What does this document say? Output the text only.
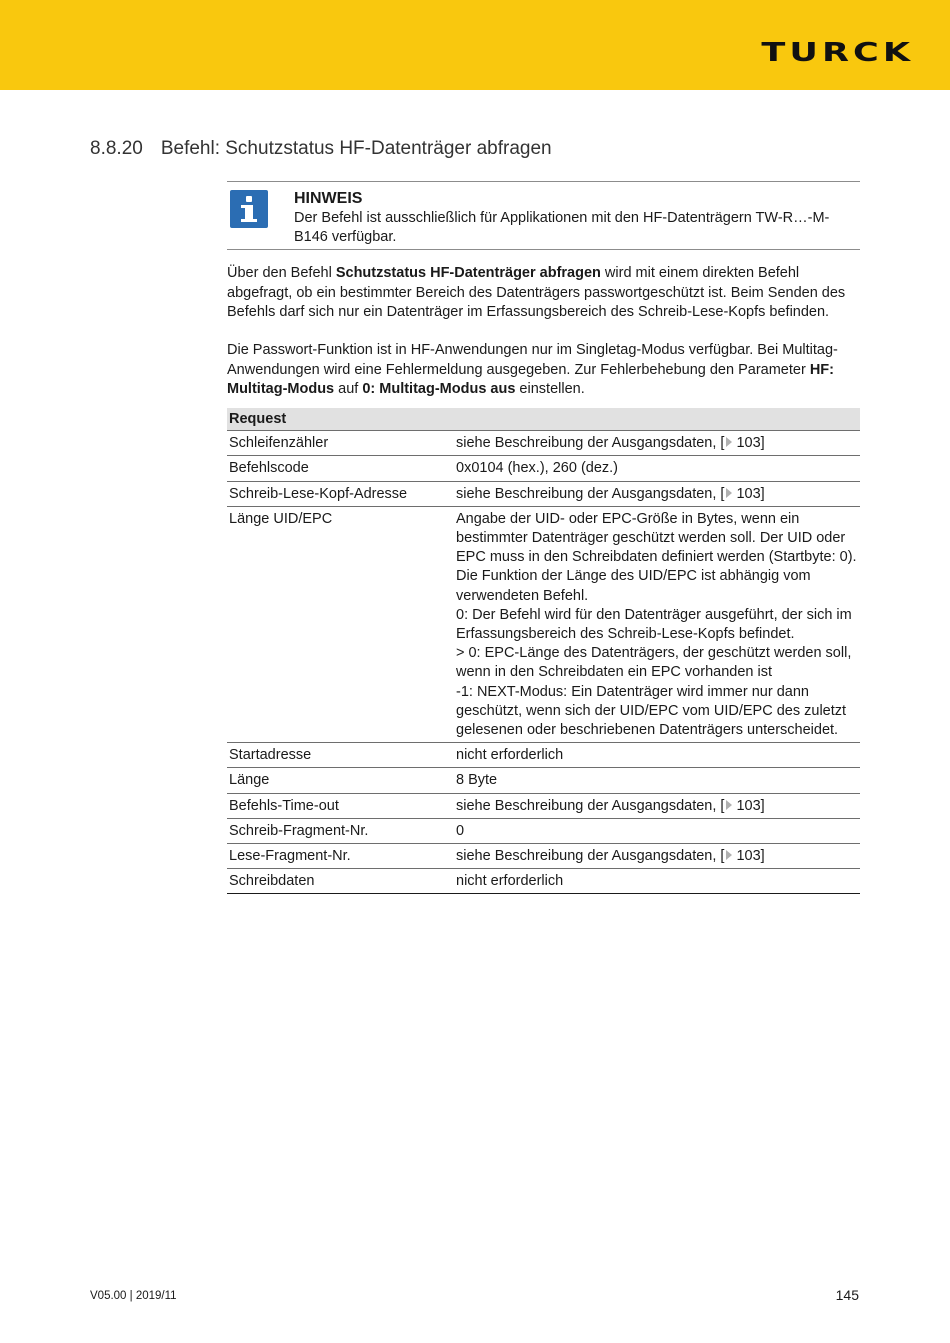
TURCK
8.8.20 Befehl: Schutzstatus HF-Datenträger abfragen
HINWEIS
Der Befehl ist ausschließlich für Applikationen mit den HF-Datenträgern TW-R…-M-B146 verfügbar.
Über den Befehl Schutzstatus HF-Datenträger abfragen wird mit einem direkten Befehl abgefragt, ob ein bestimmter Bereich des Datenträgers passwortgeschützt ist. Beim Senden des Befehls darf sich nur ein Datenträger im Erfassungsbereich des Schreib-Lese-Kopfs befinden.
Die Passwort-Funktion ist in HF-Anwendungen nur im Singletag-Modus verfügbar. Bei Multitag-Anwendungen wird eine Fehlermeldung ausgegeben. Zur Fehlerbehebung den Parameter HF: Multitag-Modus auf 0: Multitag-Modus aus einstellen.
Request	
Schleifenzähler	siehe Beschreibung der Ausgangsdaten, [ 103]
Befehlscode	0x0104 (hex.), 260 (dez.)
Schreib-Lese-Kopf-Adresse	siehe Beschreibung der Ausgangsdaten, [ 103]
Länge UID/EPC	Angabe der UID- oder EPC-Größe in Bytes, wenn ein bestimmter Datenträger geschützt werden soll. Der UID oder EPC muss in den Schreibdaten definiert werden (Startbyte: 0). Die Funktion der Länge des UID/EPC ist abhängig vom verwendeten Befehl.
0: Der Befehl wird für den Datenträger ausgeführt, der sich im Erfassungsbereich des Schreib-Lese-Kopfs befindet.
> 0: EPC-Länge des Datenträgers, der geschützt werden soll, wenn in den Schreibdaten ein EPC vorhanden ist
-1: NEXT-Modus: Ein Datenträger wird immer nur dann geschützt, wenn sich der UID/EPC vom UID/EPC des zuletzt gelesenen oder beschriebenen Datenträgers unterscheidet.

Startadresse	nicht erforderlich
Länge	8 Byte
Befehls-Time-out	siehe Beschreibung der Ausgangsdaten, [ 103]
Schreib-Fragment-Nr.	0
Lese-Fragment-Nr.	siehe Beschreibung der Ausgangsdaten, [ 103]
Schreibdaten	nicht erforderlich
V05.00 | 2019/11	145
